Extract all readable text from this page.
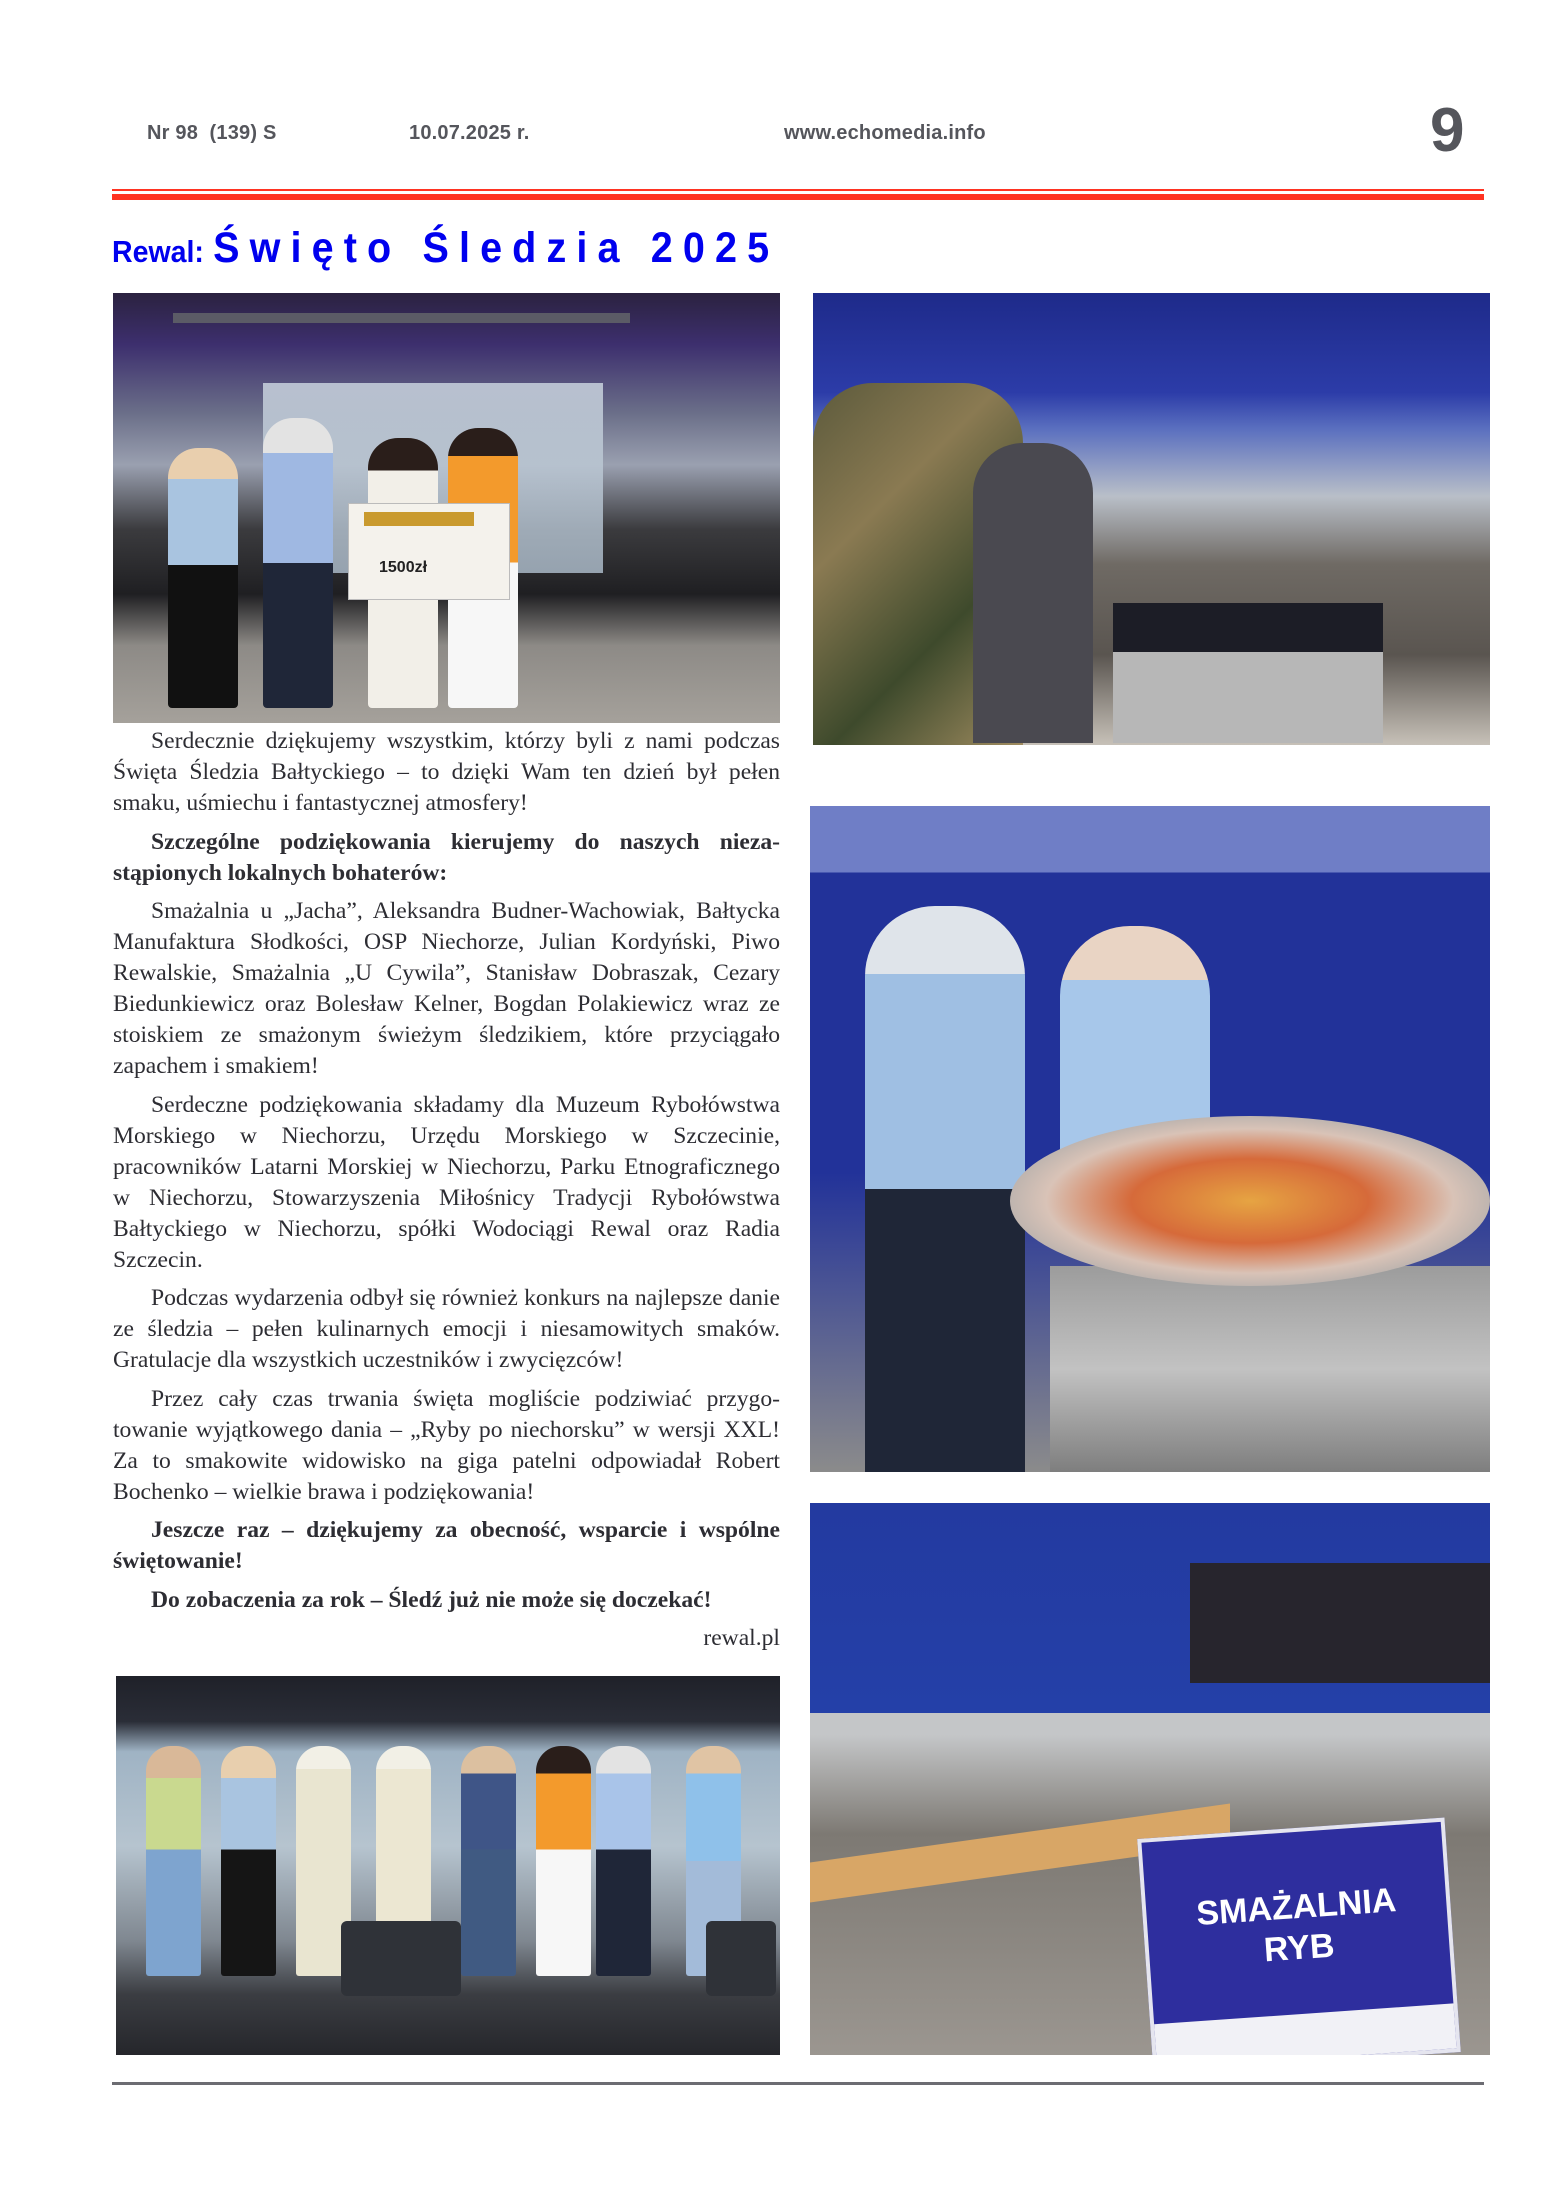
Nr 98  (139) S	10.07.2025 r.	www.echomedia.info	9
Rewal: Święto Śledzia 2025
1500zł

Serdecznie dziękujemy wszystkim, którzy byli z nami podczas Święta Śledzia Bałtyckiego – to dzięki Wam ten dzień był pełen smaku, uśmiechu i fantastycznej atmosfery!

Szczególne podziękowania kierujemy do naszych niezastąpionych lokalnych bohaterów:

Smażalnia u „Jacha”, Aleksandra Budner-Wachowiak, Bałtycka Manufaktura Słodkości, OSP Niechorze, Julian Kordyński, Piwo Rewalskie, Smażalnia „U Cywila”, Stanisław Dobraszak, Cezary Biedunkiewicz oraz Bolesław Kelner, Bogdan Polakiewicz wraz ze stoiskiem ze smażonym świeżym śledzikiem, które przyciągało zapachem i smakiem!

Serdeczne podziękowania składamy dla Muzeum Rybołówstwa Morskiego w Niechorzu, Urzędu Morskiego w Szczecinie, pracowników Latarni Morskiej w Niechorzu, Parku Etnograficznego w Niechorzu, Stowarzyszenia Miłośnicy Tradycji Rybołówstwa Bałtyckiego w Niechorzu, spółki Wodociągi Rewal oraz Radia Szczecin.

Podczas wydarzenia odbył się również konkurs na najlepsze danie ze śledzia – pełen kulinarnych emocji i niesamowitych smaków. Gratulacje dla wszystkich uczestników i zwycięzców!

Przez cały czas trwania święta mogliście podziwiać przygotowanie wyjątkowego dania – „Ryby po niechorsku” w wersji XXL! Za to smakowite widowisko na giga patelni odpowiadał Robert Bochenko – wielkie brawa i podziękowania!

Jeszcze raz – dziękujemy za obecność, wsparcie i wspólne świętowanie!

Do zobaczenia za rok – Śledź już nie może się doczekać!

rewal.pl

SMAŻALNIA
RYB
